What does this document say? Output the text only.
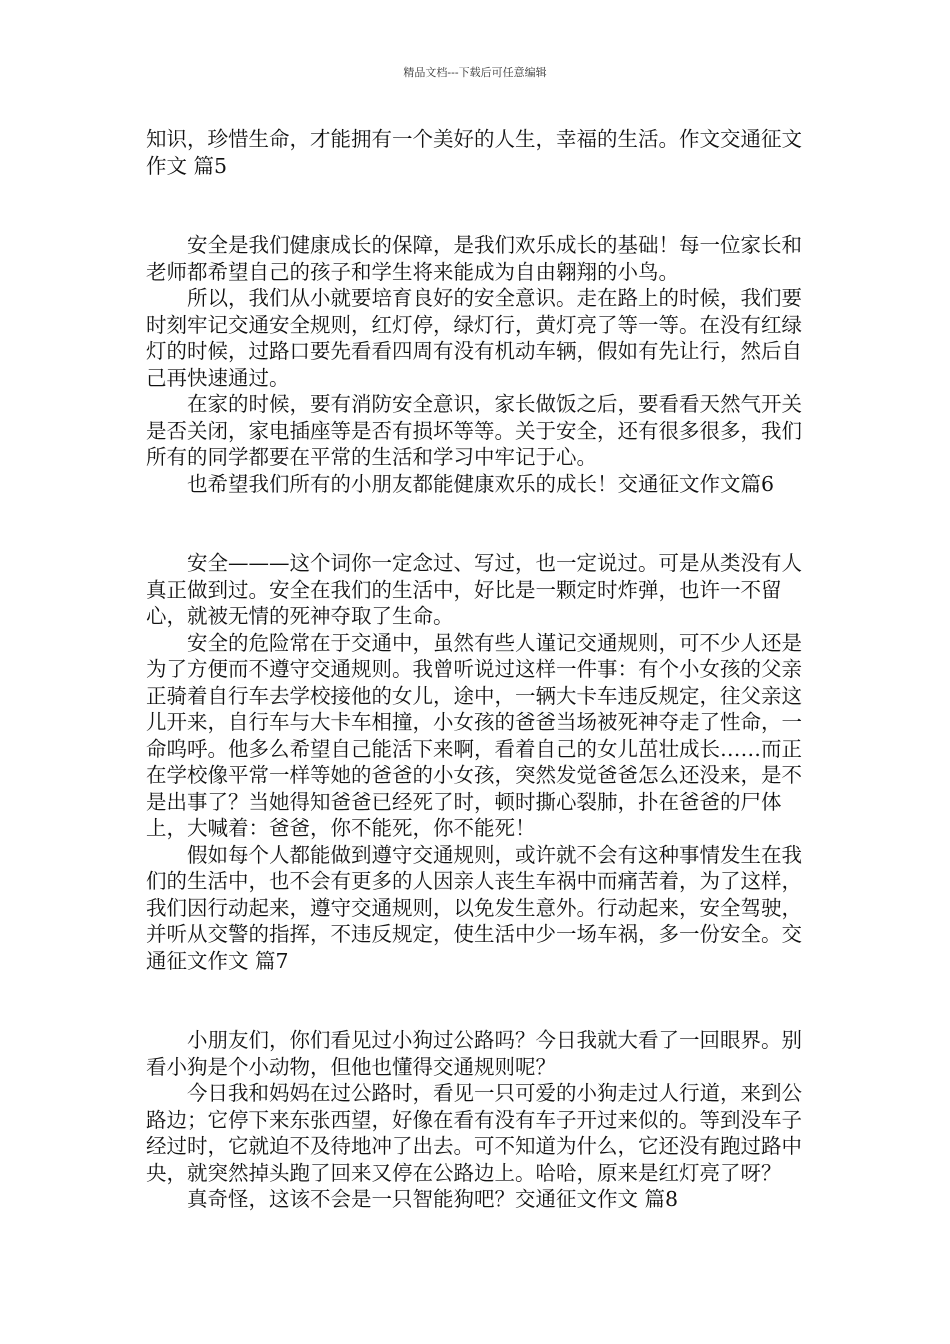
精品文档---下载后可任意编辑

知识，珍惜生命，才能拥有一个美好的人生，幸福的生活。作文交通征文作文 篇5

安全是我们健康成长的保障，是我们欢乐成长的基础！每一位家长和老师都希望自己的孩子和学生将来能成为自由翱翔的小鸟。

所以，我们从小就要培育良好的安全意识。走在路上的时候，我们要时刻牢记交通安全规则，红灯停，绿灯行，黄灯亮了等一等。在没有红绿灯的时候，过路口要先看看四周有没有机动车辆，假如有先让行，然后自己再快速通过。

在家的时候，要有消防安全意识，家长做饭之后，要看看天然气开关是否关闭，家电插座等是否有损坏等等。关于安全，还有很多很多，我们所有的同学都要在平常的生活和学习中牢记于心。

也希望我们所有的小朋友都能健康欢乐的成长！交通征文作文篇6

安全———这个词你一定念过、写过，也一定说过。可是从类没有人真正做到过。安全在我们的生活中，好比是一颗定时炸弹，也许一不留心，就被无情的死神夺取了生命。

安全的危险常在于交通中，虽然有些人谨记交通规则，可不少人还是为了方便而不遵守交通规则。我曾听说过这样一件事：有个小女孩的父亲正骑着自行车去学校接他的女儿，途中，一辆大卡车违反规定，往父亲这儿开来，自行车与大卡车相撞，小女孩的爸爸当场被死神夺走了性命，一命呜呼。他多么希望自己能活下来啊，看着自己的女儿茁壮成长……而正在学校像平常一样等她的爸爸的小女孩，突然发觉爸爸怎么还没来，是不是出事了？当她得知爸爸已经死了时，顿时撕心裂肺，扑在爸爸的尸体上，大喊着：爸爸，你不能死，你不能死！

假如每个人都能做到遵守交通规则，或许就不会有这种事情发生在我们的生活中，也不会有更多的人因亲人丧生车祸中而痛苦着，为了这样，我们因行动起来，遵守交通规则，以免发生意外。行动起来，安全驾驶，并听从交警的指挥，不违反规定，使生活中少一场车祸，多一份安全。交通征文作文 篇7

小朋友们，你们看见过小狗过公路吗？今日我就大看了一回眼界。别看小狗是个小动物，但他也懂得交通规则呢？

今日我和妈妈在过公路时，看见一只可爱的小狗走过人行道，来到公路边；它停下来东张西望，好像在看有没有车子开过来似的。等到没车子经过时，它就迫不及待地冲了出去。可不知道为什么，它还没有跑过路中央，就突然掉头跑了回来又停在公路边上。哈哈，原来是红灯亮了呀？

真奇怪，这该不会是一只智能狗吧？交通征文作文 篇8
